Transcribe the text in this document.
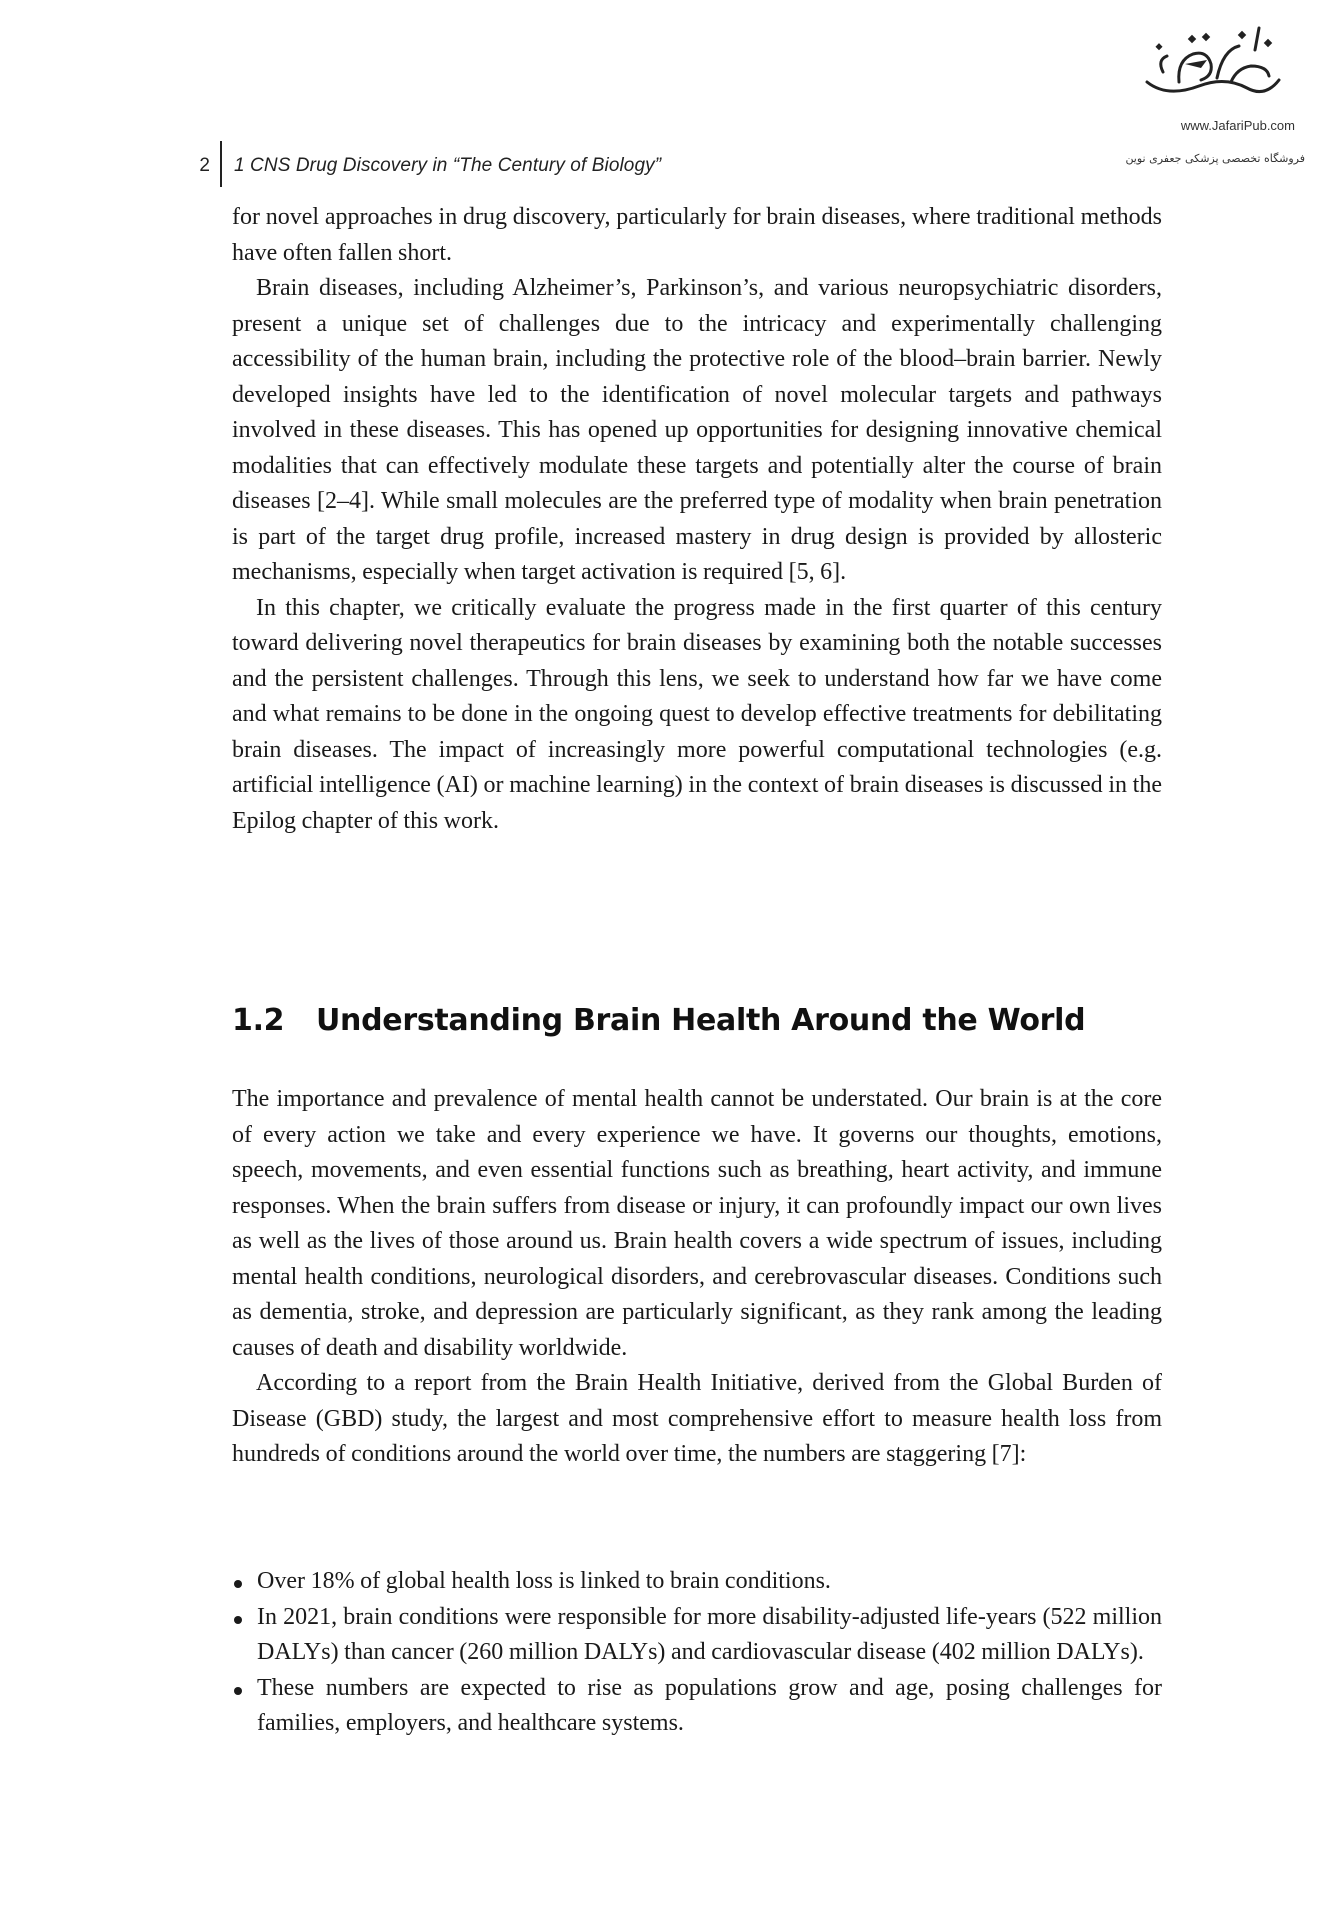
2 1 CNS Drug Discovery in “The Century of Biology”
www.JafariPub.com
فروشگاه تخصصی پزشکی جعفری نوین

for novel approaches in drug discovery, particularly for brain diseases, where traditional methods have often fallen short.

Brain diseases, including Alzheimer’s, Parkinson’s, and various neuropsychiatric disorders, present a unique set of challenges due to the intricacy and experimentally challenging accessibility of the human brain, including the protective role of the blood–brain barrier. Newly developed insights have led to the identification of novel molecular targets and pathways involved in these diseases. This has opened up opportunities for designing innovative chemical modalities that can effectively modulate these targets and potentially alter the course of brain diseases [2–4]. While small molecules are the preferred type of modality when brain penetration is part of the target drug profile, increased mastery in drug design is provided by allosteric mechanisms, especially when target activation is required [5, 6].

In this chapter, we critically evaluate the progress made in the first quarter of this century toward delivering novel therapeutics for brain diseases by examining both the notable successes and the persistent challenges. Through this lens, we seek to understand how far we have come and what remains to be done in the ongoing quest to develop effective treatments for debilitating brain diseases. The impact of increasingly more powerful computational technologies (e.g. artificial intelligence (AI) or machine learning) in the context of brain diseases is discussed in the Epilog chapter of this work.

1.2	Understanding Brain Health Around the World

The importance and prevalence of mental health cannot be understated. Our brain is at the core of every action we take and every experience we have. It governs our thoughts, emotions, speech, movements, and even essential functions such as breathing, heart activity, and immune responses. When the brain suffers from disease or injury, it can profoundly impact our own lives as well as the lives of those around us. Brain health covers a wide spectrum of issues, including mental health conditions, neurological disorders, and cerebrovascular diseases. Conditions such as dementia, stroke, and depression are particularly significant, as they rank among the leading causes of death and disability worldwide.

According to a report from the Brain Health Initiative, derived from the Global Burden of Disease (GBD) study, the largest and most comprehensive effort to measure health loss from hundreds of conditions around the world over time, the numbers are staggering [7]:

Over 18% of global health loss is linked to brain conditions.
In 2021, brain conditions were responsible for more disability-adjusted life-years (522 million DALYs) than cancer (260 million DALYs) and cardiovascular disease (402 million DALYs).
These numbers are expected to rise as populations grow and age, posing challenges for families, employers, and healthcare systems.
